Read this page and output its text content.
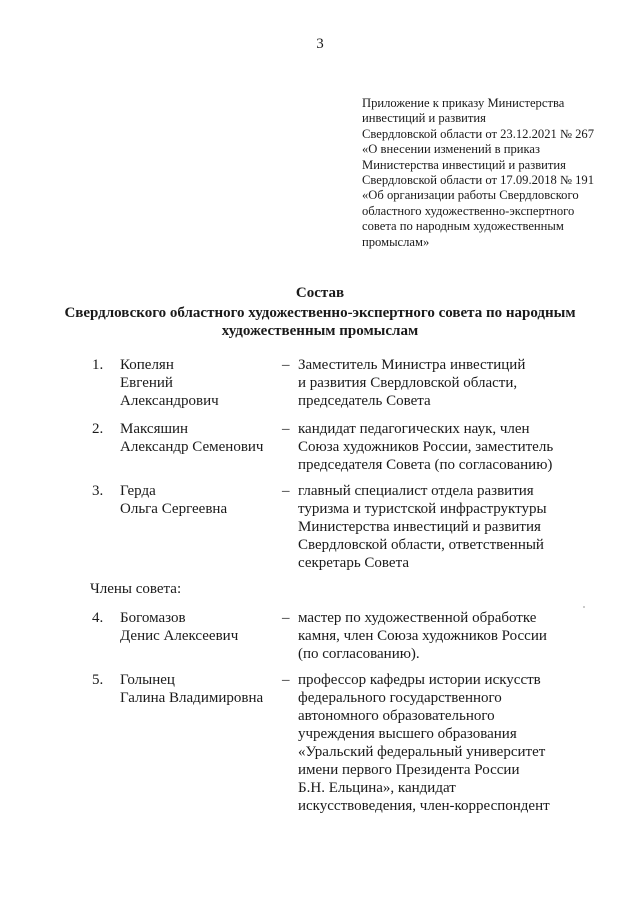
3
Приложение к приказу Министерства
инвестиций и развития
Свердловской области от 23.12.2021 № 267
«О внесении изменений в приказ
Министерства инвестиций и развития
Свердловской области от 17.09.2018 № 191
«Об организации работы Свердловского
областного художественно-экспертного
совета по народным художественным
промыслам»
Состав
Свердловского областного художественно-экспертного совета по народным
художественным промыслам
1.	Копелян
Евгений
Александрович
– Заместитель Министра инвестиций
и развития Свердловской области,
председатель Совета
2.	Максяшин
Александр Семенович
– кандидат педагогических наук, член
Союза художников России, заместитель
председателя Совета (по согласованию)
3.	Герда
Ольга Сергеевна
– главный специалист отдела развития
туризма и туристской инфраструктуры
Министерства инвестиций и развития
Свердловской области, ответственный
секретарь Совета
Члены совета:
4.	Богомазов
Денис Алексеевич
– мастер по художественной обработке
камня, член Союза художников России
(по согласованию).
5.	Голынец
Галина Владимировна
– профессор кафедры истории искусств
федерального государственного
автономного образовательного
учреждения высшего образования
«Уральский федеральный университет
имени первого Президента России
Б.Н. Ельцина», кандидат
искусствоведения, член-корреспондент
